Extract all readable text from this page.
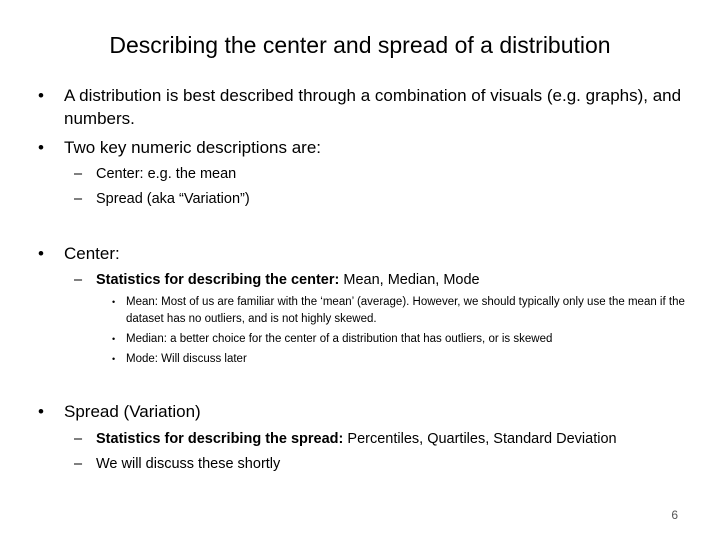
Describing the center and spread of a distribution
• A distribution is best described through a combination of visuals (e.g. graphs), and numbers.
• Two key numeric descriptions are:
– Center: e.g. the mean
– Spread (aka “Variation”)
• Center:
– Statistics for describing the center: Mean, Median, Mode
• Mean: Most of us are familiar with the ‘mean’ (average). However, we should typically only use the mean if the dataset has no outliers, and is not highly skewed.
• Median: a better choice for the center of a distribution that has outliers, or is skewed
• Mode: Will discuss later
• Spread (Variation)
– Statistics for describing the spread: Percentiles, Quartiles, Standard Deviation
– We will discuss these shortly
6
